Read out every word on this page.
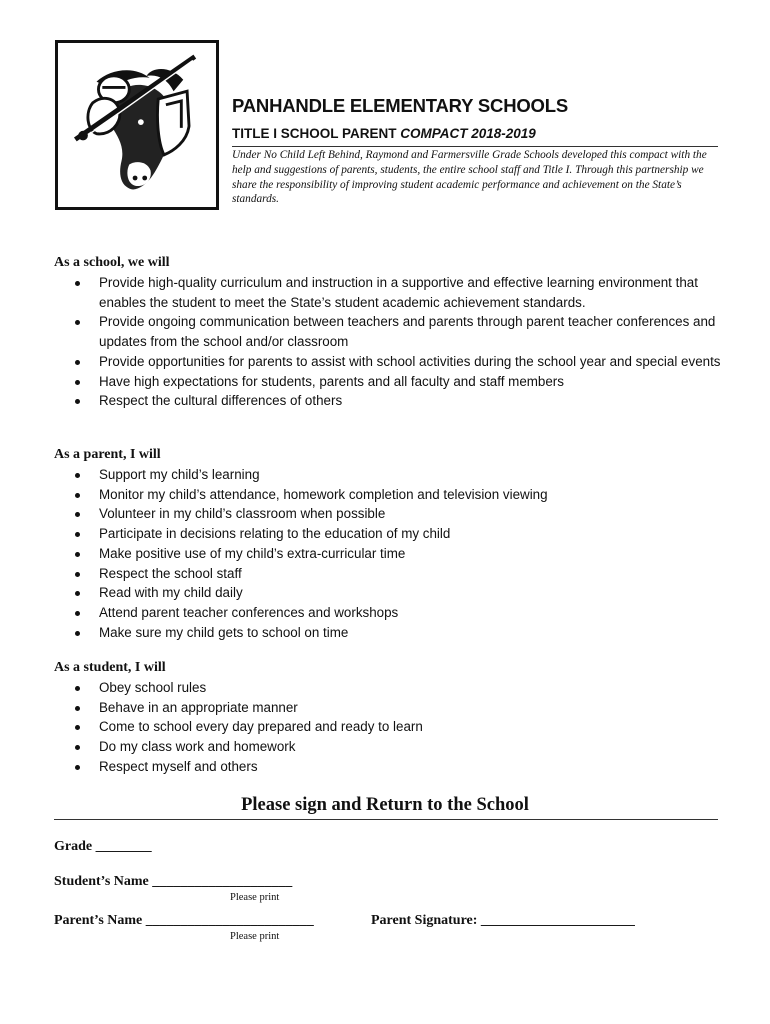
PANHANDLE ELEMENTARY SCHOOLS
TITLE I SCHOOL PARENT COMPACT 2018-2019
Under No Child Left Behind, Raymond and Farmersville Grade Schools developed this compact with the help and suggestions of parents, students, the entire school staff and Title I. Through this partnership we share the responsibility of improving student academic performance and achievement on the State’s standards.
As a school, we will
Provide high-quality curriculum and instruction in a supportive and effective learning environment that enables the student to meet the State’s student academic achievement standards.
Provide ongoing communication between teachers and parents through parent teacher conferences and updates from the school and/or classroom
Provide opportunities for parents to assist with school activities during the school year and special events
Have high expectations for students, parents and all faculty and staff members
Respect the cultural differences of others
As a parent, I will
Support my child’s learning
Monitor my child’s attendance, homework completion and television viewing
Volunteer in my child’s classroom when possible
Participate in decisions relating to the education of my child
Make positive use of my child’s extra-curricular time
Respect the school staff
Read with my child daily
Attend parent teacher conferences and workshops
Make sure my child gets to school on time
As a student, I will
Obey school rules
Behave in an appropriate manner
Come to school every day prepared and ready to learn
Do my class work and homework
Respect myself and others
Please sign and Return to the School
Grade ________
Student’s Name ____________________
Please print
Parent’s Name ________________________
Please print
Parent Signature: ______________________
